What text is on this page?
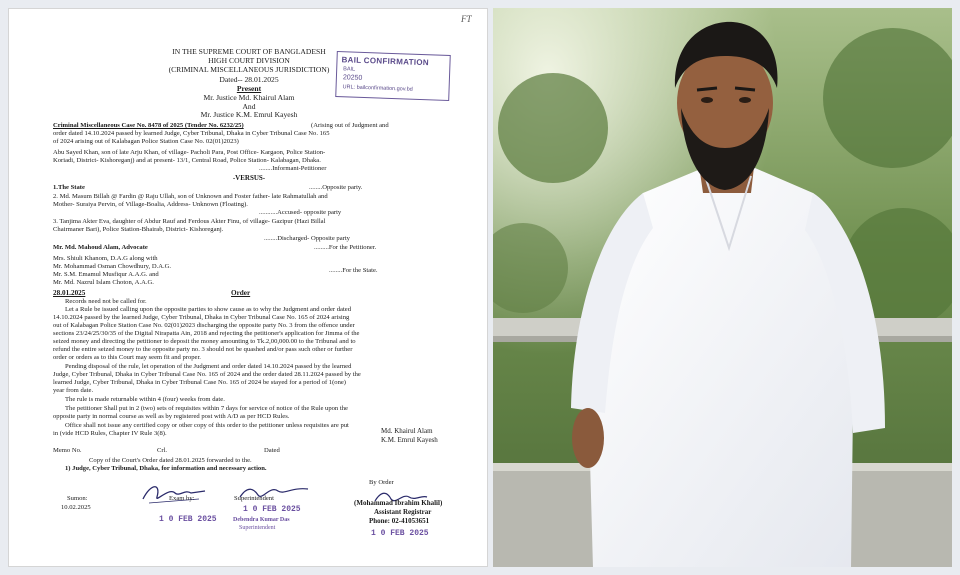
FT
IN THE SUPREME COURT OF BANGLADESH
HIGH COURT DIVISION
(CRIMINAL MISCELLANEOUS JURISDICTION)
Dated-- 28.01.2025
Present
Mr. Justice Md. Khairul Alam
And
Mr. Justice K.M. Emrul Kayesh
BAIL CONFIRMATION
BAIL
20250
URL: bailconfirmation.gov.bd
Criminal Miscellaneous Case No. 8478 of 2025 (Tender No. 6232/25)	(Arising out of Judgment and
order dated 14.10.2024 passed by learned Judge, Cyber Tribunal, Dhaka in Cyber Tribunal Case No. 165
of 2024 arising out of Kalabagan Police Station Case No. 02(01)2023)
Abu Sayed Khan, son of late Arju Khan, of village- Pacholi Para, Post Office- Kargaon, Police Station-
Koriadi, District- Kishoreganj) and at present- 13/1, Central Road, Police Station- Kalabagan, Dhaka.
........Informant-Petitioner
-VERSUS-
1.The State	........Opposite party.
2. Md. Masum Billah @ Fardin @ Raju Ullah, son of Unknown and Foster father- late Rahmatullah and
Mother- Suraiya Pervin, of Village-Boalia, Address- Unknown (Floating).
...........Accused- opposite party
3. Tanjima Akter Eva, daughter of Abdur Rauf and Ferdous Akter Finu, of village- Gazipur (Hazi Billal
Chairmaner Bari), Police Station-Bhairab, District- Kishoreganj.
........Discharged- Opposite party
Mr. Md. Mahoud Alam, Advocate	.........For the Petitioner.
Mrs. Shiuli Khanom, D.A.G along with
Mr. Mohammad Osman Chowdhury, D.A.G.
Mr. S.M. Emamul Musfiqur A.A.G. and
Mr. Md. Nazrul Islam Choton, A.A.G.
........For the State.
28.01.2025	Order
Records need not be called for.
Let a Rule be issued calling upon the opposite parties to show cause as to why the Judgment and order dated
14.10.2024 passed by the learned Judge, Cyber Tribunal, Dhaka in Cyber Tribunal Case No. 165 of 2024 arising
out of Kalabagan Police Station Case No. 02(01)2023 discharging the opposite party No. 3 from the offence under
sections 23/24/25/30/35 of the Digital Nirapatta Ain, 2018 and rejecting the petitioner's application for Jimma of the
seized money and directing the petitioner to deposit the money amounting to Tk.2,00,000.00 to the Tribunal and to
refund the entire seized money to the opposite party no. 3 should not be quashed and/or pass such other or further
order or orders as to this Court may seem fit and proper.
Pending disposal of the rule, let operation of the Judgment and order dated 14.10.2024 passed by the learned
Judge, Cyber Tribunal, Dhaka in Cyber Tribunal Case No. 165 of 2024 and the order dated 28.11.2024 passed by the
learned Judge, Cyber Tribunal, Dhaka in Cyber Tribunal Case No. 165 of 2024 be stayed for a period of 1(one)
year from date.
The rule is made returnable within 4 (four) weeks from date.
The petitioner Shall put in 2 (two) sets of requisites within 7 days for service of notice of the Rule upon the
opposite party in normal course as well as by registered post with A/D as per HCD Rules.
Office shall not issue any certified copy or other copy of this order to the petitioner unless requisites are put
in (vide HCD Rules, Chapter IV Rule 3(8).	Md. Khairul Alam
K.M. Emrul Kayesh
Memo No.	Crl.	Dated
Copy of the Court's Order dated 28.01.2025 forwarded to the.
1) Judge, Cyber Tribunal, Dhaka, for information and necessary action.
By Order
Sumon:
10.02.2025
Exam by:	Superintendent
Debendra Kumar Das
Superintendent
(Mohammad Ibrahim Khalil)
Assistant Registrar
Phone: 02-41053651
1 0 FEB 2025
1 0 FEB 2025
1 0 FEB 2025
